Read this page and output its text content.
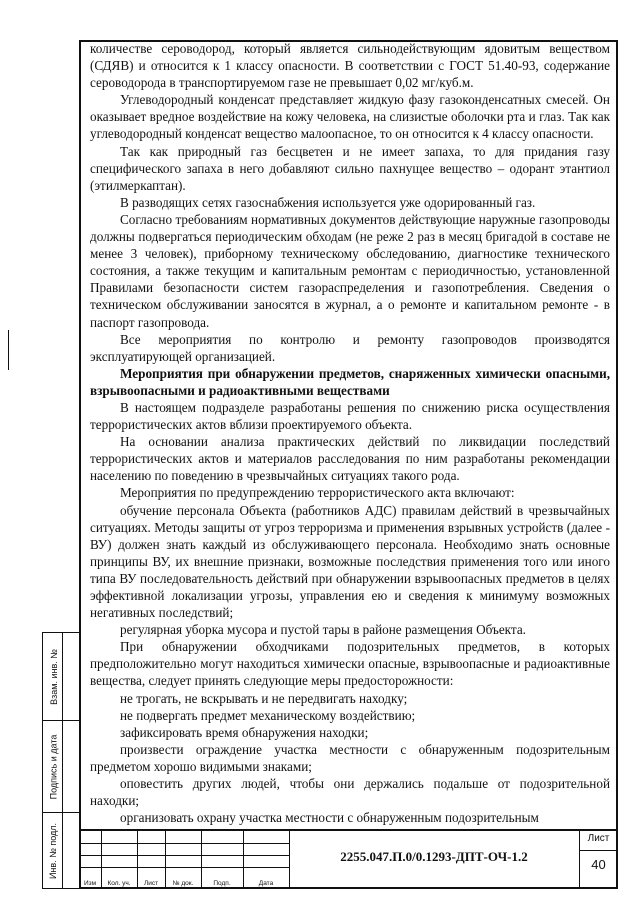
количестве сероводород, который является сильнодействующим ядовитым веществом (СДЯВ) и относится к 1 классу опасности. В соответствии с ГОСТ 51.40-93, содержание сероводорода в транспортируемом газе не превышает 0,02 мг/куб.м.

Углеводородный конденсат представляет жидкую фазу газоконденсатных смесей. Он оказывает вредное воздействие на кожу человека, на слизистые оболочки рта и глаз. Так как углеводородный конденсат вещество малоопасное, то он относится к 4 классу опасности.

Так как природный газ бесцветен и не имеет запаха, то для придания газу специфического запаха в него добавляют сильно пахнущее вещество – одорант этантиол (этилмеркаптан).

В разводящих сетях газоснабжения используется уже одорированный газ.

Согласно требованиям нормативных документов действующие наружные газопроводы должны подвергаться периодическим обходам (не реже 2 раз в месяц бригадой в составе не менее 3 человек), приборному техническому обследованию, диагностике технического состояния, а также текущим и капитальным ремонтам с периодичностью, установленной Правилами безопасности систем газораспределения и газопотребления. Сведения о техническом обслуживании заносятся в журнал, а о ремонте и капитальном ремонте - в паспорт газопровода.

Все мероприятия по контролю и ремонту газопроводов производятся эксплуатирующей организацией.

Мероприятия при обнаружении предметов, снаряженных химически опасными, взрывоопасными и радиоактивными веществами

В настоящем подразделе разработаны решения по снижению риска осуществления террористических актов вблизи проектируемого объекта.

На основании анализа практических действий по ликвидации последствий террористических актов и материалов расследования по ним разработаны рекомендации населению по поведению в чрезвычайных ситуациях такого рода.

Мероприятия по предупреждению террористического акта включают:

обучение персонала Объекта (работников АДС) правилам действий в чрезвычайных ситуациях. Методы защиты от угроз терроризма и применения взрывных устройств (далее - ВУ) должен знать каждый из обслуживающего персонала. Необходимо знать основные принципы ВУ, их внешние признаки, возможные последствия применения того или иного типа ВУ последовательность действий при обнаружении взрывоопасных предметов в целях эффективной локализации угрозы, управления ею и сведения к минимуму возможных негативных последствий;

регулярная уборка мусора и пустой тары в районе размещения Объекта.

При обнаружении обходчиками подозрительных предметов, в которых предположительно могут находиться химически опасные, взрывоопасные и радиоактивные вещества, следует принять следующие меры предосторожности:

не трогать, не вскрывать и не передвигать находку;

не подвергать предмет механическому воздействию;

зафиксировать время обнаружения находки;

произвести ограждение участка местности с обнаруженным подозрительным предметом хорошо видимыми знаками;

оповестить других людей, чтобы они держались подальше от подозрительной находки;

организовать охрану участка местности с обнаруженным подозрительным

Взам. инв. №
Подпись и дата
Инв. № подл.
Изм	Кол. уч.	Лист	№ док.	Подп.	Дата
2255.047.П.0/0.1293-ДПТ-ОЧ-1.2
Лист
40
